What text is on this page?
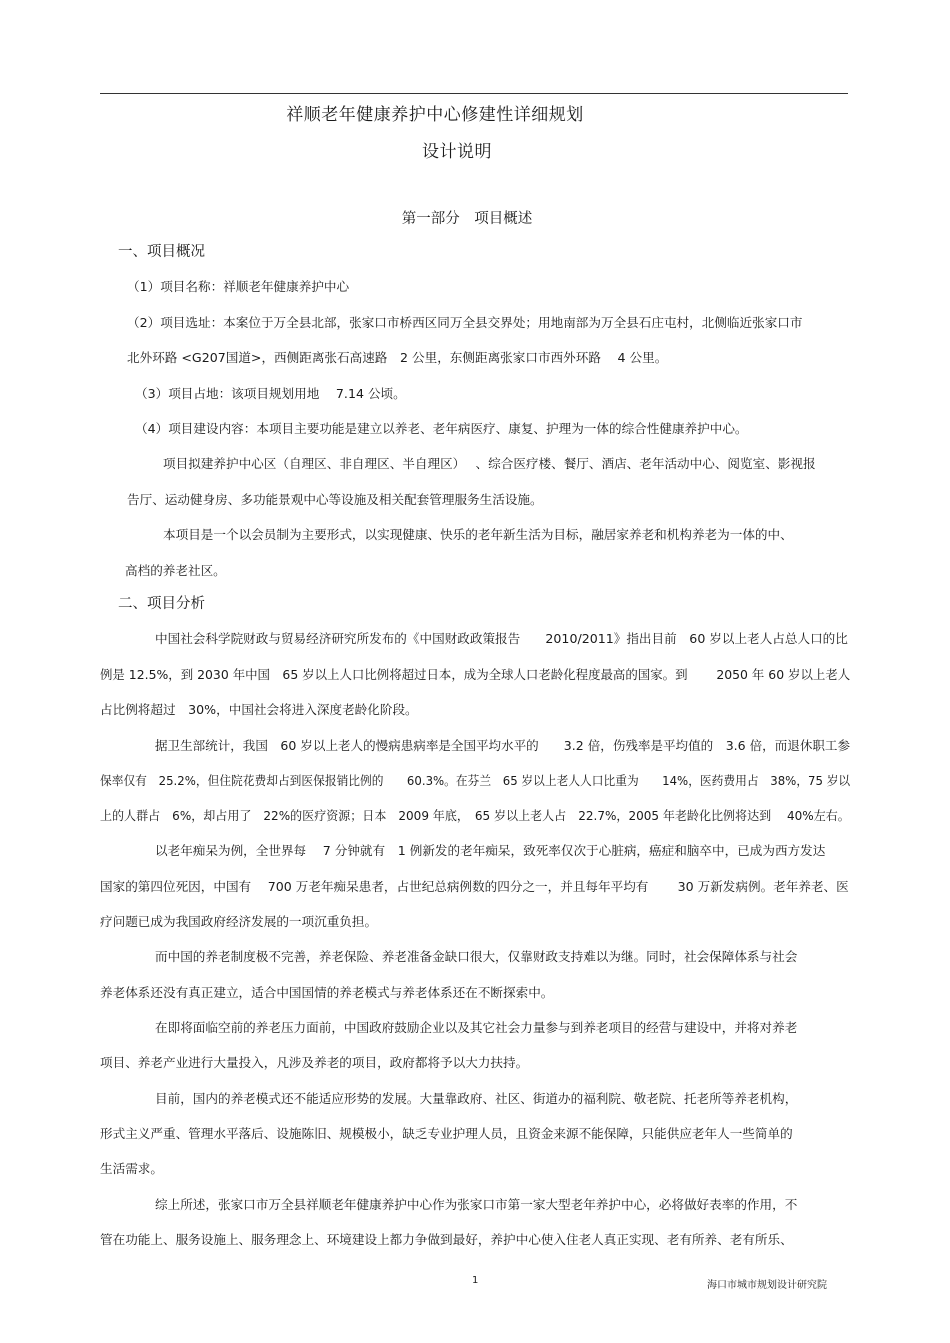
祥顺老年健康养护中心修建性详细规划
设计说明
第一部分　项目概述
一、项目概况
（1）项目名称：祥顺老年健康养护中心
（2）项目选址：本案位于万全县北部，张家口市桥西区同万全县交界处；用地南部为万全县石庄屯村，北侧临近张家口市
北外环路 <G207国道>，西侧距离张石高速路　2 公里，东侧距离张家口市西外环路　 4 公里。
（3）项目占地：该项目规划用地　 7.14 公顷。
（4）项目建设内容：本项目主要功能是建立以养老、老年病医疗、康复、护理为一体的综合性健康养护中心。
项目拟建养护中心区（自理区、非自理区、半自理区）　 、综合医疗楼、餐厅、酒店、老年活动中心、阅览室、影视报
告厅、运动健身房、多功能景观中心等设施及相关配套管理服务生活设施。
本项目是一个以会员制为主要形式，以实现健康、快乐的老年新生活为目标，融居家养老和机构养老为一体的中、
高档的养老社区。
二、项目分析
中国社会科学院财政与贸易经济研究所发布的《中国财政政策报告　　2010/2011》指出目前　60 岁以上老人占总人口的比
例是 12.5%，到 2030 年中国　65 岁以上人口比例将超过日本，成为全球人口老龄化程度最高的国家。到　　 2050 年 60 岁以上老人
占比例将超过　30%，中国社会将进入深度老龄化阶段。
据卫生部统计，我国　60 岁以上老人的慢病患病率是全国平均水平的　　3.2 倍，伤残率是平均值的　3.6 倍，而退休职工参
保率仅有　25.2%，但住院花费却占到医保报销比例的　　60.3%。在芬兰　65 岁以上老人人口比重为　　14%，医药费用占　38%，75 岁以
上的人群占　6%，却占用了　22%的医疗资源；日本　2009 年底，　65 岁以上老人占　22.7%，2005 年老龄化比例将达到　 40%左右。
以老年痴呆为例，全世界每　 7 分钟就有　1 例新发的老年痴呆，致死率仅次于心脏病，癌症和脑卒中，已成为西方发达
国家的第四位死因，中国有　 700 万老年痴呆患者，占世纪总病例数的四分之一，并且每年平均有　　 30 万新发病例。老年养老、医
疗问题已成为我国政府经济发展的一项沉重负担。
而中国的养老制度极不完善，养老保险、养老准备金缺口很大，仅靠财政支持难以为继。同时，社会保障体系与社会
养老体系还没有真正建立，适合中国国情的养老模式与养老体系还在不断探索中。
在即将面临空前的养老压力面前，中国政府鼓励企业以及其它社会力量参与到养老项目的经营与建设中，并将对养老
项目、养老产业进行大量投入，凡涉及养老的项目，政府都将予以大力扶持。
目前，国内的养老模式还不能适应形势的发展。大量靠政府、社区、街道办的福利院、敬老院、托老所等养老机构，
形式主义严重、管理水平落后、设施陈旧、规模极小，缺乏专业护理人员，且资金来源不能保障，只能供应老年人一些简单的
生活需求。
综上所述，张家口市万全县祥顺老年健康养护中心作为张家口市第一家大型老年养护中心，必将做好表率的作用，不
管在功能上、服务设施上、服务理念上、环境建设上都力争做到最好，养护中心使入住老人真正实现、老有所养、老有所乐、
1	海口市城市规划设计研究院
